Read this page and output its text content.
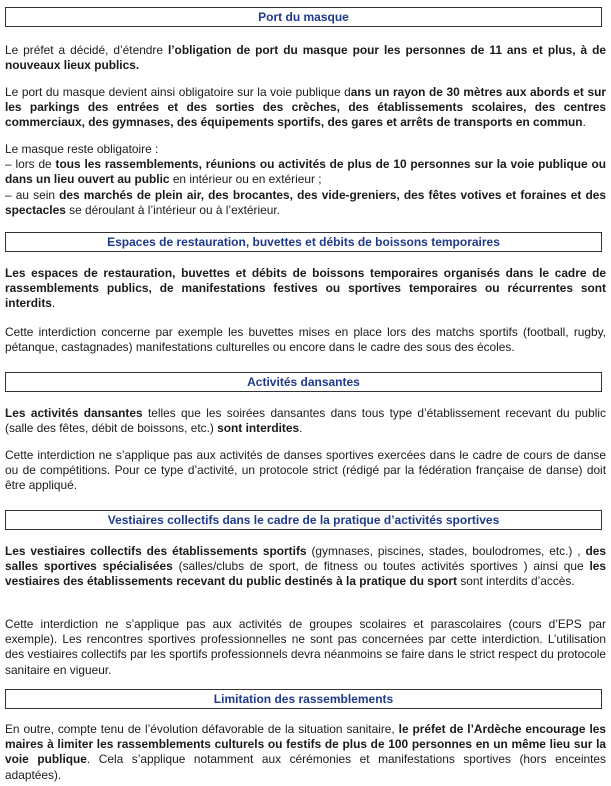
Port du masque

Le préfet a décidé, d’étendre l’obligation de port du masque pour les personnes de 11 ans et plus, à de nouveaux lieux publics.

Le port du masque devient ainsi obligatoire sur la voie publique dans un rayon de 30 mètres aux abords et sur les parkings des entrées et des sorties des crèches, des établissements scolaires, des centres commerciaux, des gymnases, des équipements sportifs, des gares et arrêts de transports en commun.

Le masque reste obligatoire :
– lors de tous les rassemblements, réunions ou activités de plus de 10 personnes sur la voie publique ou dans un lieu ouvert au public en intérieur ou en extérieur ;
– au sein des marchés de plein air, des brocantes, des vide-greniers, des fêtes votives et foraines et des spectacles se déroulant à l’intérieur ou à l’extérieur.

Espaces de restauration, buvettes et débits de boissons temporaires

Les espaces de restauration, buvettes et débits de boissons temporaires organisés dans le cadre de rassemblements publics, de manifestations festives ou sportives temporaires ou récurrentes sont interdits.

Cette interdiction concerne par exemple les buvettes mises en place lors des matchs sportifs (football, rugby, pétanque, castagnades) manifestations culturelles ou encore dans le cadre des sous des écoles.

Activités dansantes

Les activités dansantes telles que les soirées dansantes dans tous type d’établissement recevant du public (salle des fêtes, débit de boissons, etc.) sont interdites.

Cette interdiction ne s’applique pas aux activités de danses sportives exercées dans le cadre de cours de danse ou de compétitions. Pour ce type d’activité, un protocole strict (rédigé par la fédération française de danse) doit être appliqué.

Vestiaires collectifs dans le cadre de la pratique d’activités sportives

Les vestiaires collectifs des établissements sportifs (gymnases, piscines, stades, boulodromes, etc.) , des salles sportives spécialisées (salles/clubs de sport, de fitness ou toutes activités sportives ) ainsi que les vestiaires des établissements recevant du public destinés à la pratique du sport sont interdits d’accès.

Cette interdiction ne s’applique pas aux activités de groupes scolaires et parascolaires (cours d’EPS par exemple). Les rencontres sportives professionnelles ne sont pas concernées par cette interdiction. L’utilisation des vestiaires collectifs par les sportifs professionnels devra néanmoins se faire dans le strict respect du protocole sanitaire en vigueur.

Limitation des rassemblements

En outre, compte tenu de l’évolution défavorable de la situation sanitaire, le préfet de l’Ardèche encourage les maires à limiter les rassemblements culturels ou festifs de plus de 100 personnes en un même lieu sur la voie publique. Cela s’applique notamment aux cérémonies et manifestations sportives (hors enceintes adaptées).
